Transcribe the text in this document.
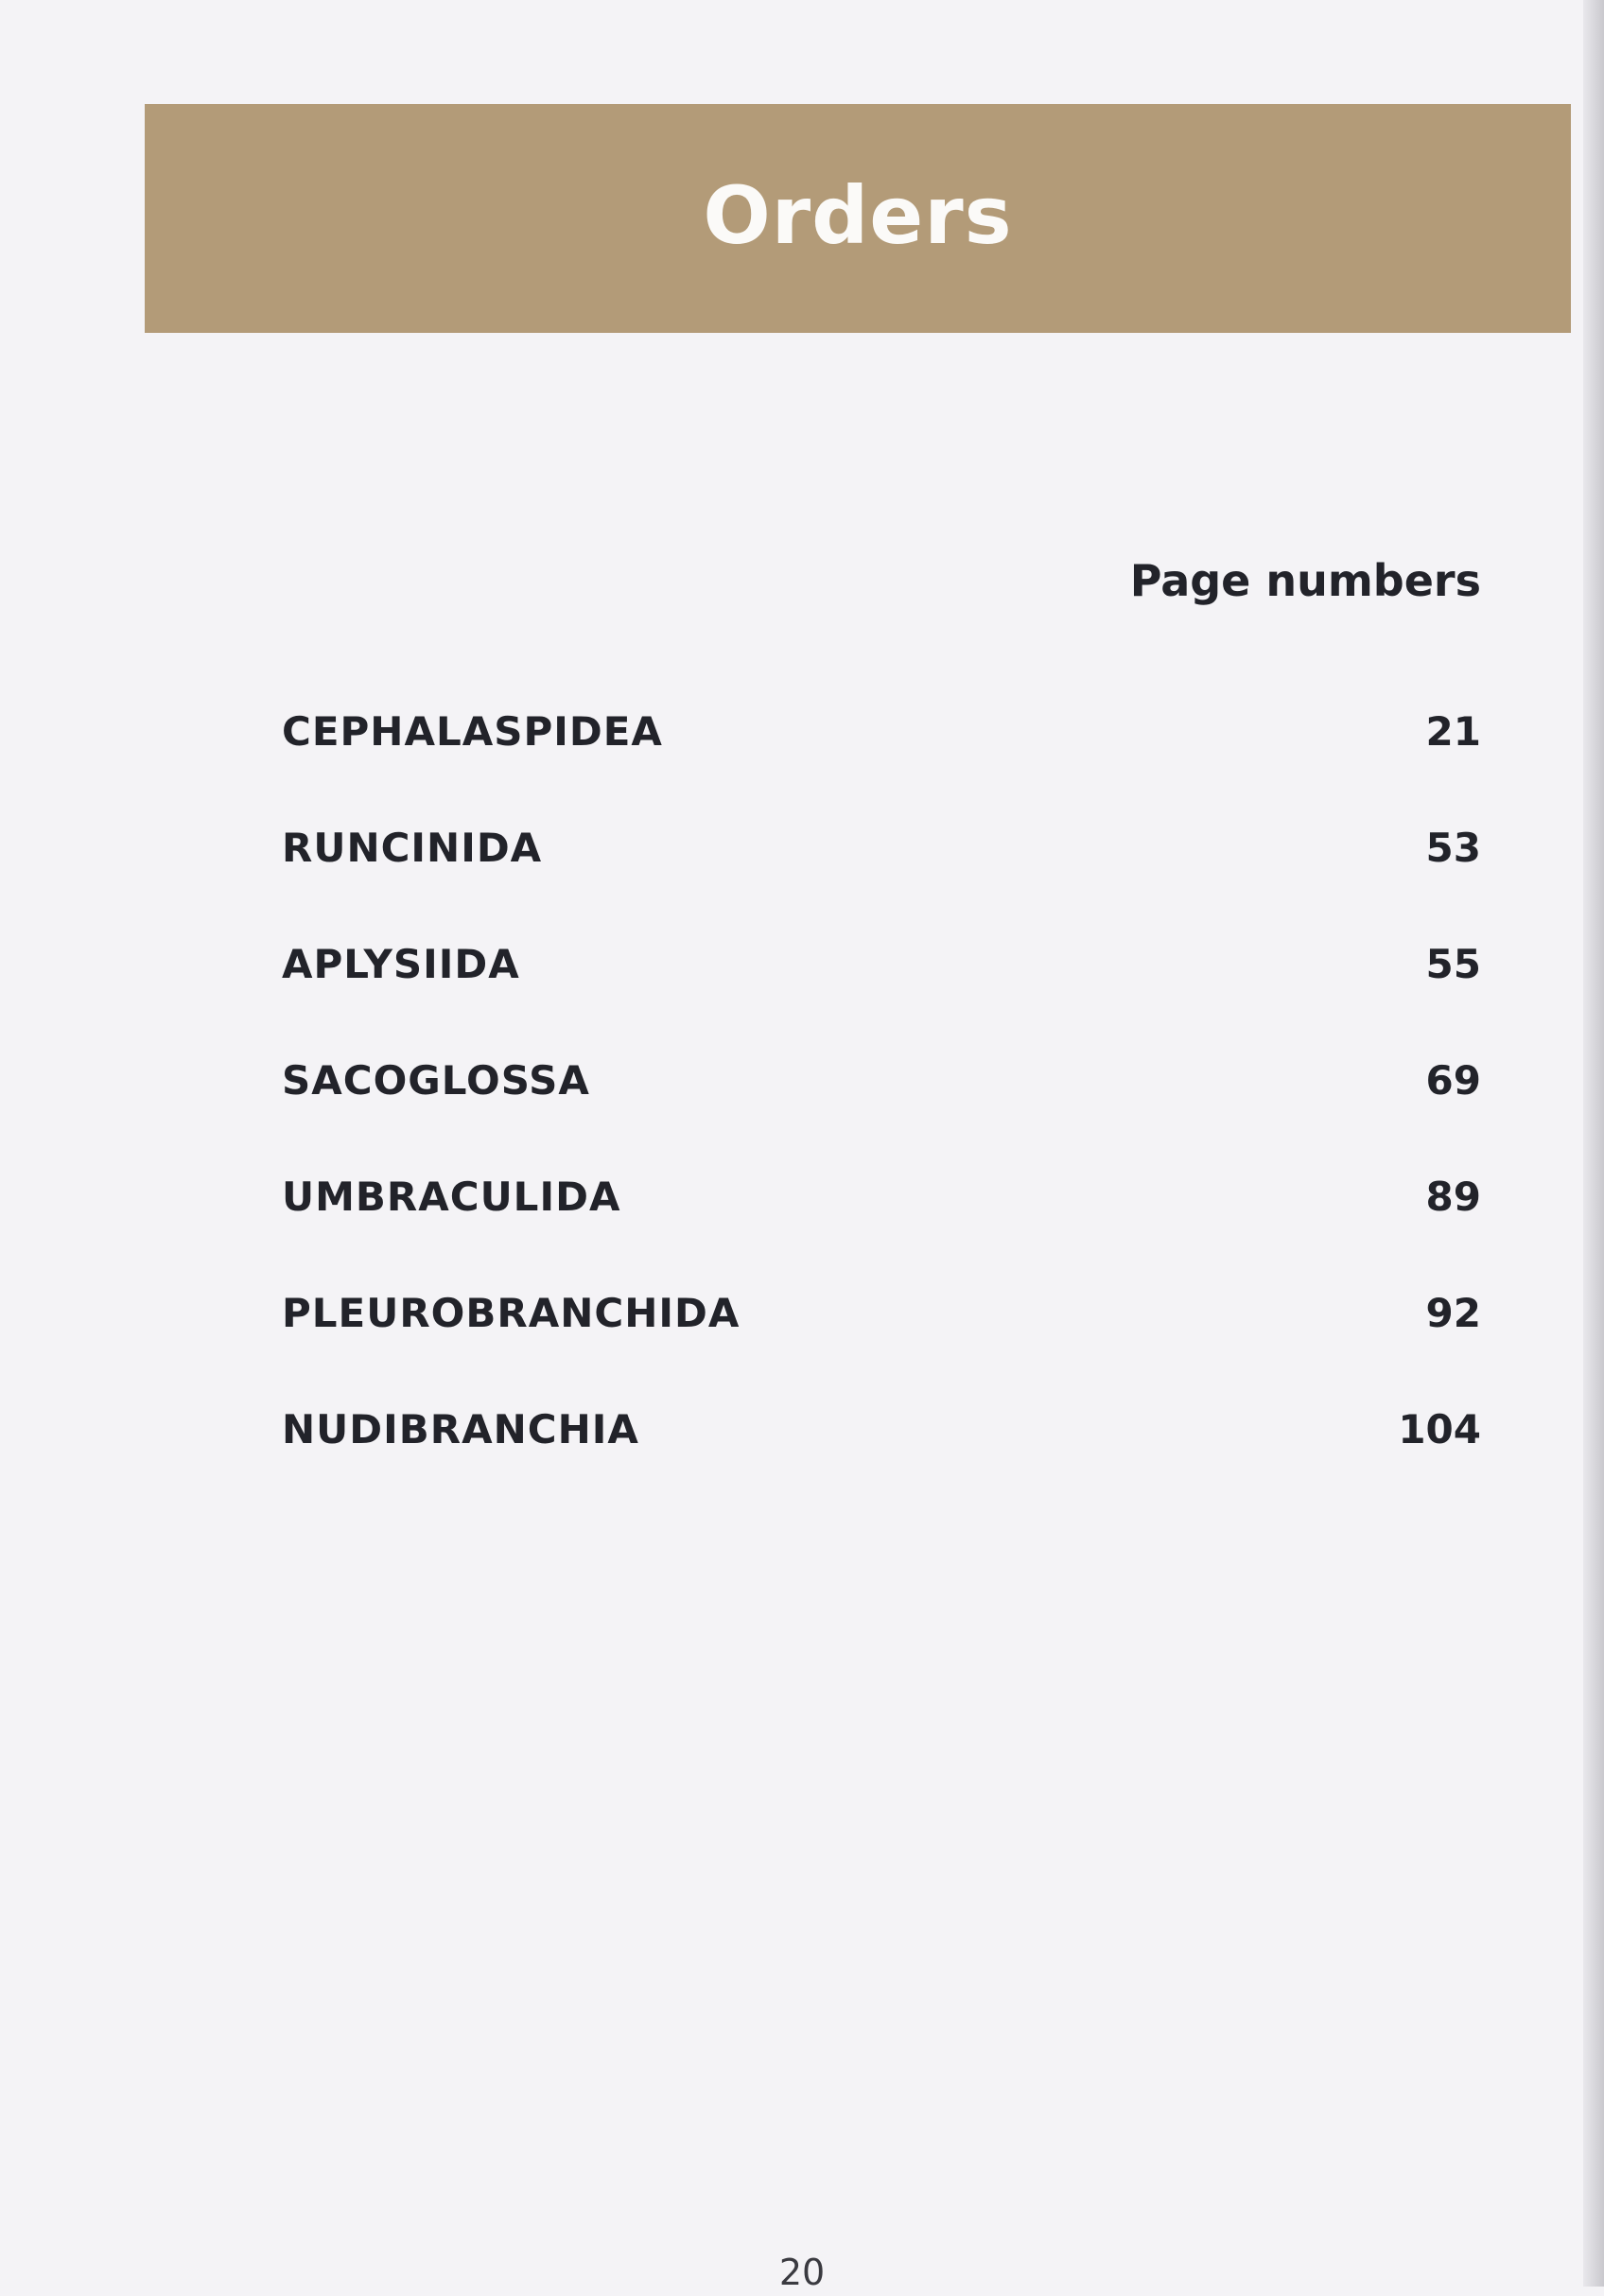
Orders
Page numbers
CEPHALASPIDEA	21
RUNCINIDA	53
APLYSIIDA	55
SACOGLOSSA	69
UMBRACULIDA	89
PLEUROBRANCHIDA	92
NUDIBRANCHIA	104
20
